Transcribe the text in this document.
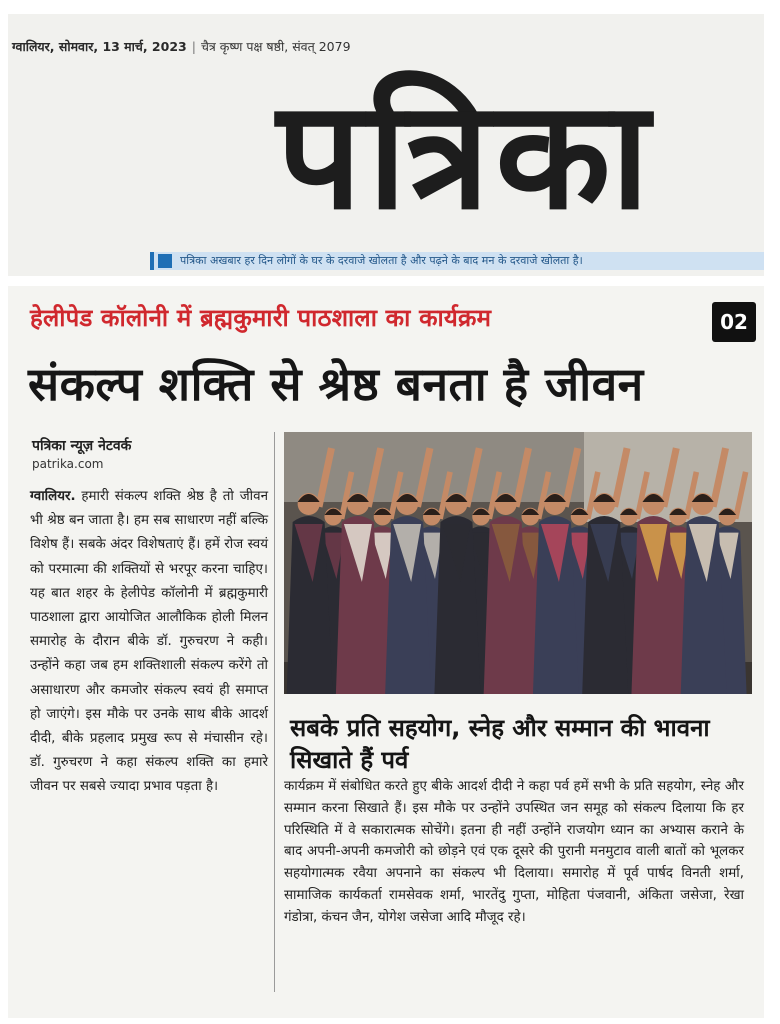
ग्वालियर, सोमवार, 13 मार्च, 2023 | चैत्र कृष्ण पक्ष षष्ठी, संवत् 2079
पत्रिका
पत्रिका अखबार हर दिन लोगों के घर के दरवाजे खोलता है और पढ़ने के बाद मन के दरवाजे खोलता है।
हेलीपेड कॉलोनी में ब्रह्मकुमारी पाठशाला का कार्यक्रम	02
संकल्प शक्ति से श्रेष्ठ बनता है जीवन
पत्रिका न्यूज़ नेटवर्क
patrika.com
ग्वालियर. हमारी संकल्प शक्ति श्रेष्ठ है तो जीवन भी श्रेष्ठ बन जाता है। हम सब साधारण नहीं बल्कि विशेष हैं। सबके अंदर विशेषताएं हैं। हमें रोज स्वयं को परमात्मा की शक्तियों से भरपूर करना चाहिए। यह बात शहर के हेलीपेड कॉलोनी में ब्रह्मकुमारी पाठशाला द्वारा आयोजित आलौकिक होली मिलन समारोह के दौरान बीके डॉ. गुरुचरण ने कही। उन्होंने कहा जब हम शक्तिशाली संकल्प करेंगे तो असाधारण और कमजोर संकल्प स्वयं ही समाप्त हो जाएंगे। इस मौके पर उनके साथ बीके आदर्श दीदी, बीके प्रहलाद प्रमुख रूप से मंचासीन रहे। डॉ. गुरुचरण ने कहा संकल्प शक्ति का हमारे जीवन पर सबसे ज्यादा प्रभाव पड़ता है।
सबके प्रति सहयोग, स्नेह और सम्मान की भावना सिखाते हैं पर्व
कार्यक्रम में संबोधित करते हुए बीके आदर्श दीदी ने कहा पर्व हमें सभी के प्रति सहयोग, स्नेह और सम्मान करना सिखाते हैं। इस मौके पर उन्होंने उपस्थित जन समूह को संकल्प दिलाया कि हर परिस्थिति में वे सकारात्मक सोचेंगे। इतना ही नहीं उन्होंने राजयोग ध्यान का अभ्यास कराने के बाद अपनी-अपनी कमजोरी को छोड़ने एवं एक दूसरे की पुरानी मनमुटाव वाली बातों को भूलकर सहयोगात्मक रवैया अपनाने का संकल्प भी दिलाया। समारोह में पूर्व पार्षद विनती शर्मा, सामाजिक कार्यकर्ता रामसेवक शर्मा, भारतेंदु गुप्ता, मोहिता पंजवानी, अंकिता जसेजा, रेखा गंडोत्रा, कंचन जैन, योगेश जसेजा आदि मौजूद रहे।
